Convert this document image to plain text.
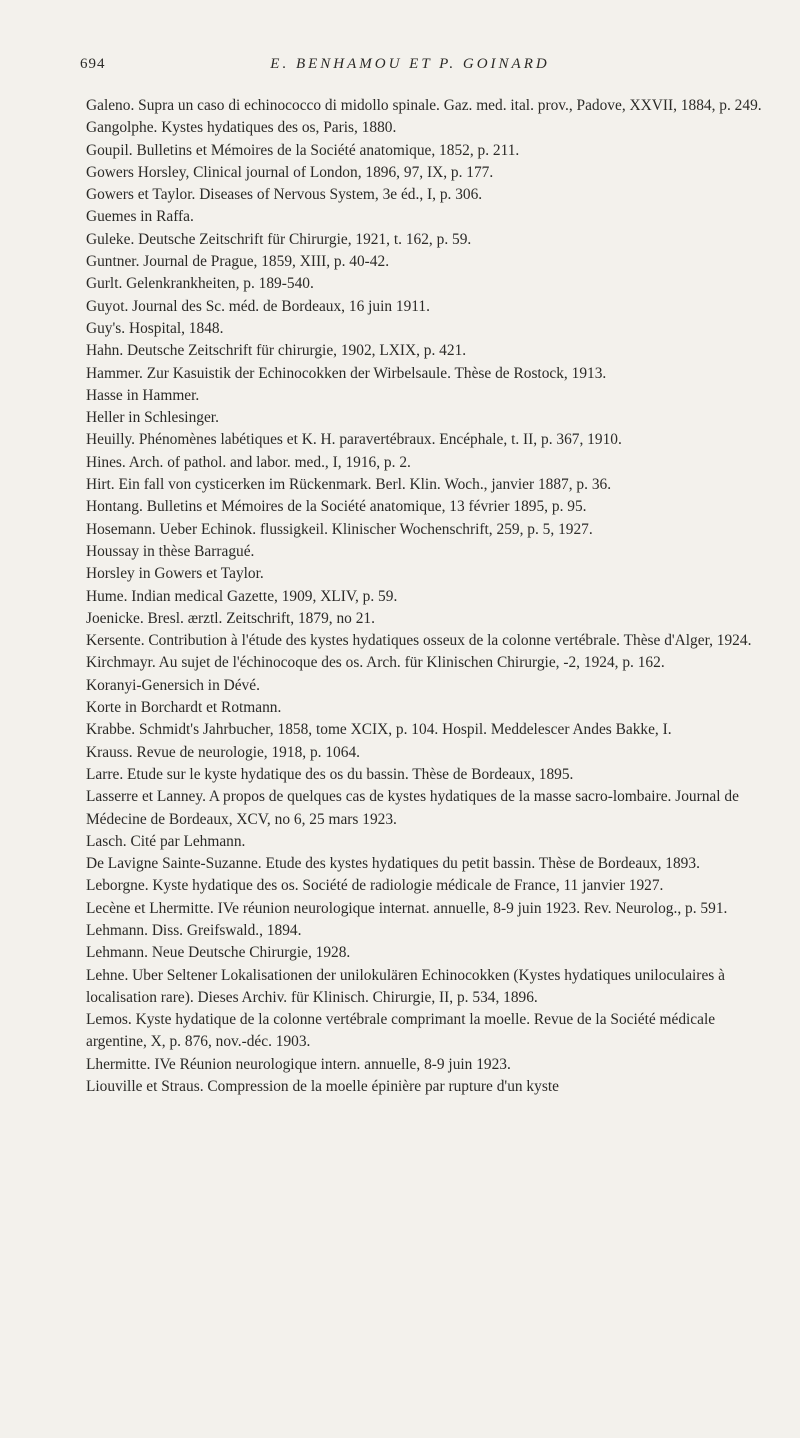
694	E. BENHAMOU ET P. GOINARD

Galeno. Supra un caso di echinococco di midollo spinale. Gaz. med. ital. prov., Padove, XXVII, 1884, p. 249.

Gangolphe. Kystes hydatiques des os, Paris, 1880.

Goupil. Bulletins et Mémoires de la Société anatomique, 1852, p. 211.

Gowers Horsley, Clinical journal of London, 1896, 97, IX, p. 177.

Gowers et Taylor. Diseases of Nervous System, 3e éd., I, p. 306.

Guemes in Raffa.

Guleke. Deutsche Zeitschrift für Chirurgie, 1921, t. 162, p. 59.

Guntner. Journal de Prague, 1859, XIII, p. 40-42.

Gurlt. Gelenkrankheiten, p. 189-540.

Guyot. Journal des Sc. méd. de Bordeaux, 16 juin 1911.

Guy's. Hospital, 1848.

Hahn. Deutsche Zeitschrift für chirurgie, 1902, LXIX, p. 421.

Hammer. Zur Kasuistik der Echinocokken der Wirbelsaule. Thèse de Rostock, 1913.

Hasse in Hammer.

Heller in Schlesinger.

Heuilly. Phénomènes labétiques et K. H. paravertébraux. Encéphale, t. II, p. 367, 1910.

Hines. Arch. of pathol. and labor. med., I, 1916, p. 2.

Hirt. Ein fall von cysticerken im Rückenmark. Berl. Klin. Woch., janvier 1887, p. 36.

Hontang. Bulletins et Mémoires de la Société anatomique, 13 février 1895, p. 95.

Hosemann. Ueber Echinok. flussigkeil. Klinischer Wochenschrift, 259, p. 5, 1927.

Houssay in thèse Barragué.

Horsley in Gowers et Taylor.

Hume. Indian medical Gazette, 1909, XLIV, p. 59.

Joenicke. Bresl. ærztl. Zeitschrift, 1879, no 21.

Kersente. Contribution à l'étude des kystes hydatiques osseux de la colonne vertébrale. Thèse d'Alger, 1924.

Kirchmayr. Au sujet de l'échinocoque des os. Arch. für Klinischen Chirurgie, -2, 1924, p. 162.

Koranyi-Genersich in Dévé.

Korte in Borchardt et Rotmann.

Krabbe. Schmidt's Jahrbucher, 1858, tome XCIX, p. 104. Hospil. Meddelescer Andes Bakke, I.

Krauss. Revue de neurologie, 1918, p. 1064.

Larre. Etude sur le kyste hydatique des os du bassin. Thèse de Bordeaux, 1895.

Lasserre et Lanney. A propos de quelques cas de kystes hydatiques de la masse sacro-lombaire. Journal de Médecine de Bordeaux, XCV, no 6, 25 mars 1923.

Lasch. Cité par Lehmann.

De Lavigne Sainte-Suzanne. Etude des kystes hydatiques du petit bassin. Thèse de Bordeaux, 1893.

Leborgne. Kyste hydatique des os. Société de radiologie médicale de France, 11 janvier 1927.

Lecène et Lhermitte. IVe réunion neurologique internat. annuelle, 8-9 juin 1923. Rev. Neurolog., p. 591.

Lehmann. Diss. Greifswald., 1894.

Lehmann. Neue Deutsche Chirurgie, 1928.

Lehne. Uber Seltener Lokalisationen der unilokulären Echinocokken (Kystes hydatiques uniloculaires à localisation rare). Dieses Archiv. für Klinisch. Chirurgie, II, p. 534, 1896.

Lemos. Kyste hydatique de la colonne vertébrale comprimant la moelle. Revue de la Société médicale argentine, X, p. 876, nov.-déc. 1903.

Lhermitte. IVe Réunion neurologique intern. annuelle, 8-9 juin 1923.

Liouville et Straus. Compression de la moelle épinière par rupture d'un kyste
